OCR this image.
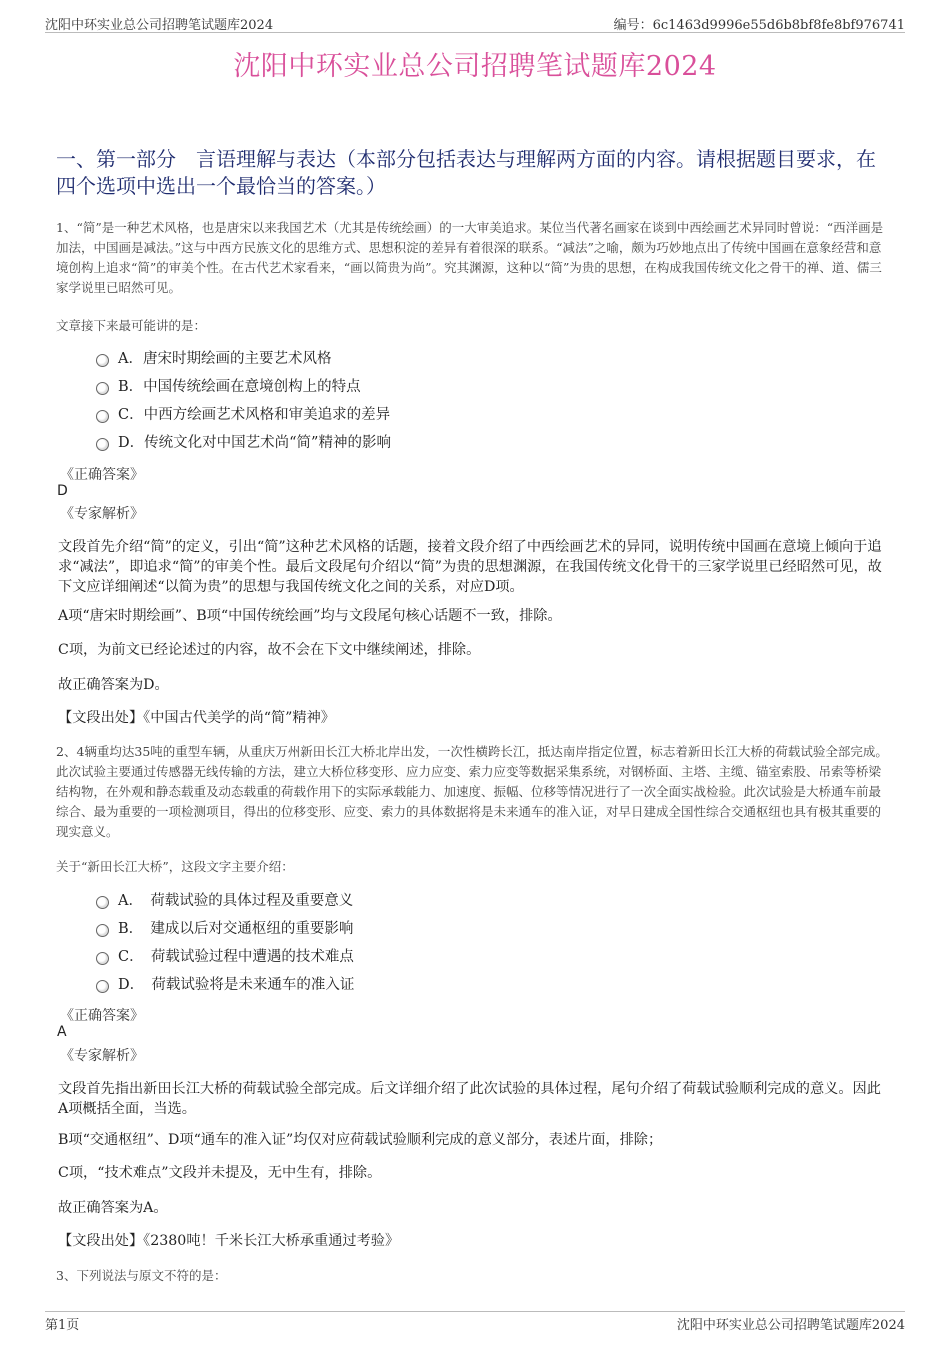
沈阳中环实业总公司招聘笔试题库2024	编号：6c1463d9996e55d6b8bf8fe8bf976741
沈阳中环实业总公司招聘笔试题库2024
一、第一部分　言语理解与表达（本部分包括表达与理解两方面的内容。请根据题目要求，在四个选项中选出一个最恰当的答案。）
1、“简”是一种艺术风格，也是唐宋以来我国艺术（尤其是传统绘画）的一大审美追求。某位当代著名画家在谈到中西绘画艺术异同时曾说：“西洋画是加法，中国画是减法。”这与中西方民族文化的思维方式、思想积淀的差异有着很深的联系。“减法”之喻，颇为巧妙地点出了传统中国画在意象经营和意境创构上追求“简”的审美个性。在古代艺术家看来，“画以简贵为尚”。究其渊源，这种以“简”为贵的思想，在构成我国传统文化之骨干的禅、道、儒三家学说里已昭然可见。
文章接下来最可能讲的是：
A．唐宋时期绘画的主要艺术风格
B．中国传统绘画在意境创构上的特点
C．中西方绘画艺术风格和审美追求的差异
D．传统文化对中国艺术尚“简”精神的影响
《正确答案》
D
《专家解析》
文段首先介绍“简”的定义，引出“简”这种艺术风格的话题，接着文段介绍了中西绘画艺术的异同，说明传统中国画在意境上倾向于追求“减法”，即追求“简”的审美个性。最后文段尾句介绍以“简”为贵的思想渊源，在我国传统文化骨干的三家学说里已经昭然可见，故下文应详细阐述“以简为贵”的思想与我国传统文化之间的关系，对应D项。
A项“唐宋时期绘画”、B项“中国传统绘画”均与文段尾句核心话题不一致，排除。
C项，为前文已经论述过的内容，故不会在下文中继续阐述，排除。
故正确答案为D。
【文段出处】《中国古代美学的尚“简”精神》
2、4辆重均达35吨的重型车辆，从重庆万州新田长江大桥北岸出发，一次性横跨长江，抵达南岸指定位置，标志着新田长江大桥的荷载试验全部完成。此次试验主要通过传感器无线传输的方法，建立大桥位移变形、应力应变、索力应变等数据采集系统，对钢桥面、主塔、主缆、锚室索股、吊索等桥梁结构物，在外观和静态载重及动态载重的荷载作用下的实际承载能力、加速度、振幅、位移等情况进行了一次全面实战检验。此次试验是大桥通车前最综合、最为重要的一项检测项目，得出的位移变形、应变、索力的具体数据将是未来通车的准入证，对早日建成全国性综合交通枢纽也具有极其重要的现实意义。
关于“新田长江大桥”，这段文字主要介绍：
A．　荷载试验的具体过程及重要意义
B．　建成以后对交通枢纽的重要影响
C．　荷载试验过程中遭遇的技术难点
D．　荷载试验将是未来通车的准入证
《正确答案》
A
《专家解析》
文段首先指出新田长江大桥的荷载试验全部完成。后文详细介绍了此次试验的具体过程，尾句介绍了荷载试验顺利完成的意义。因此A项概括全面，当选。
B项“交通枢纽”、D项“通车的准入证”均仅对应荷载试验顺利完成的意义部分，表述片面，排除；
C项，“技术难点”文段并未提及，无中生有，排除。
故正确答案为A。
【文段出处】《2380吨！千米长江大桥承重通过考验》
3、下列说法与原文不符的是：
第1页	沈阳中环实业总公司招聘笔试题库2024
